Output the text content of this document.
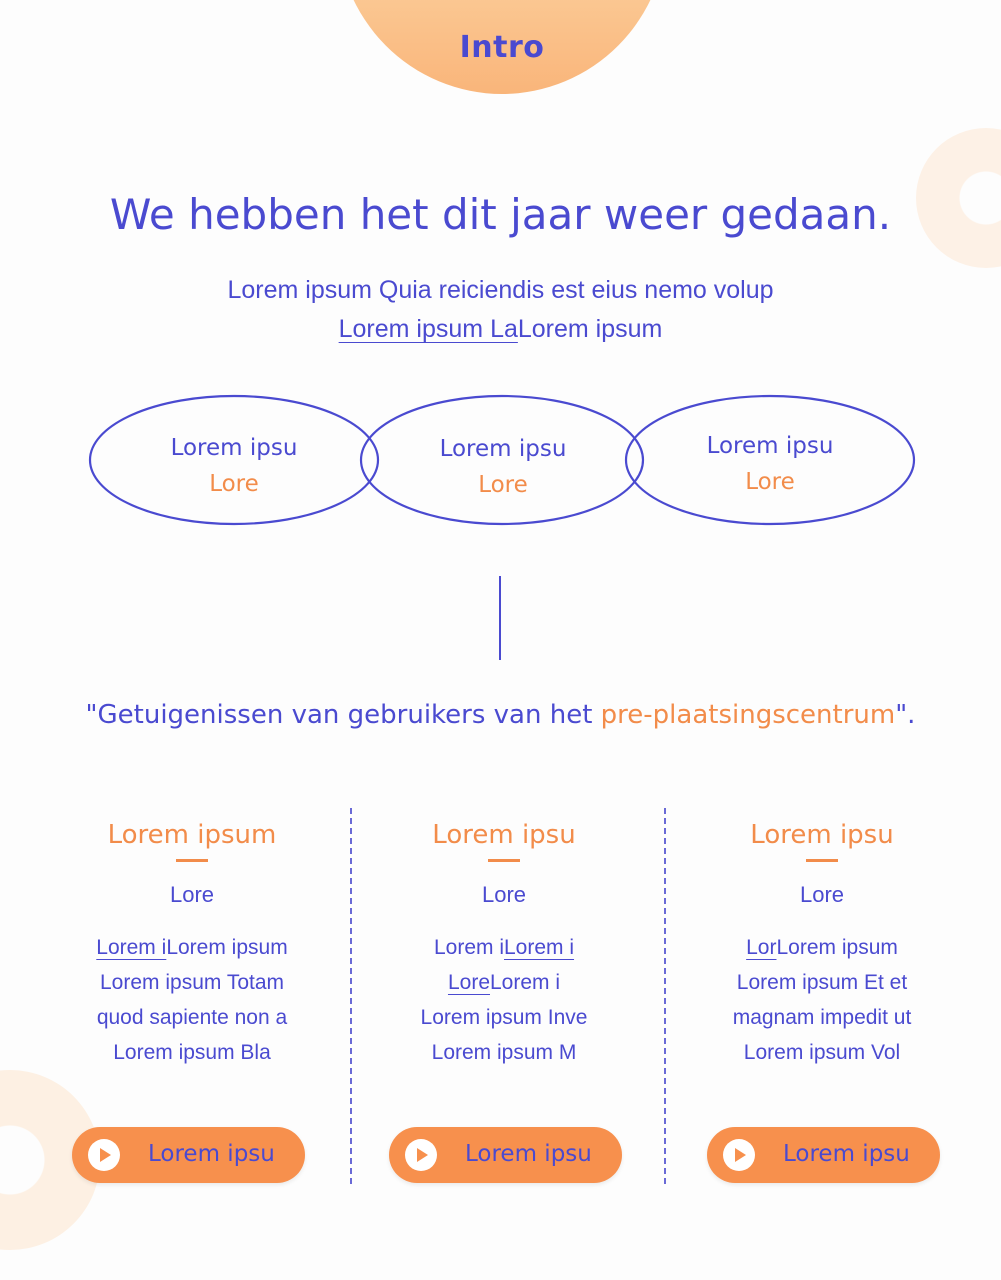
Intro
We hebben het dit jaar weer gedaan.
Lorem ipsum Quia reiciendis est eius nemo volup
Lorem ipsum LaLorem ipsum
Lorem ipsu
Lore
Lorem ipsu
Lore
Lorem ipsu
Lore
"Getuigenissen van gebruikers van het pre-plaatsingscentrum".
Lorem ipsum
Lore
Lorem iLorem ipsum
Lorem ipsum Totam
quod sapiente non a
Lorem ipsum Bla
Lorem ipsu
Lore
Lorem iLorem i
LoreLorem i
Lorem ipsum Inve
Lorem ipsum M
Lorem ipsu
Lore
LorLorem ipsum
Lorem ipsum Et et
magnam impedit ut
Lorem ipsum Vol
Lorem ipsu	Lorem ipsu	Lorem ipsu
